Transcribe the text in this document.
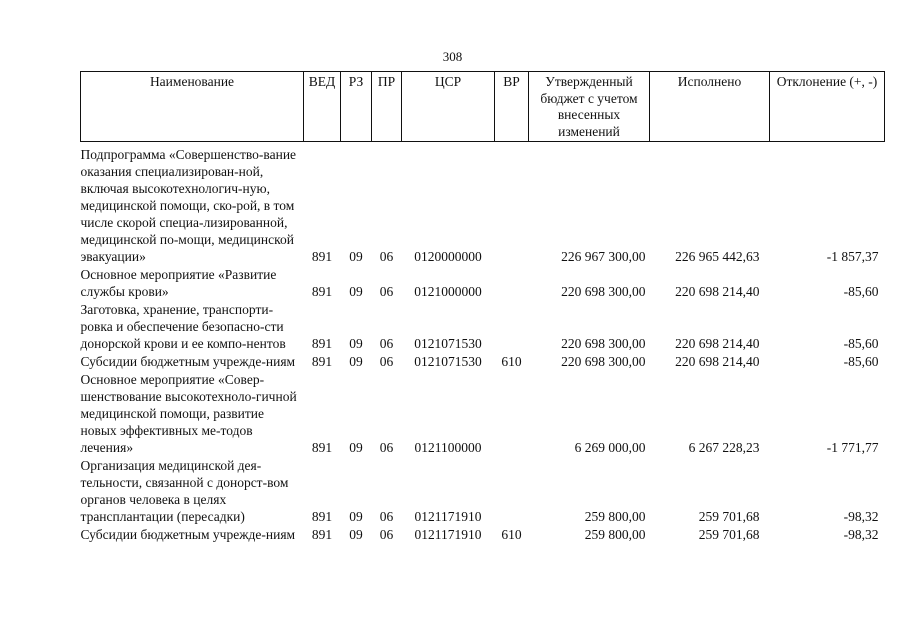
308
Наименование	ВЕД	РЗ	ПР	ЦСР	ВР	Утвержденный бюджет с учетом внесенных изменений	Исполнено	Отклонение (+, -)

Подпрограмма «Совершенство-вание оказания специализирован-ной, включая высокотехнологич-ную, медицинской помощи, ско-рой, в том числе скорой специа-лизированной, медицинской по-мощи, медицинской эвакуации»	891	09	06	0120000000		226 967 300,00	226 965 442,63	-1 857,37
Основное мероприятие «Развитие службы крови»	891	09	06	0121000000		220 698 300,00	220 698 214,40	-85,60
Заготовка, хранение, транспорти-ровка и обеспечение безопасно-сти донорской крови и ее компо-нентов	891	09	06	0121071530		220 698 300,00	220 698 214,40	-85,60
Субсидии бюджетным учрежде-ниям	891	09	06	0121071530	610	220 698 300,00	220 698 214,40	-85,60
Основное мероприятие «Совер-шенствование высокотехноло-гичной медицинской помощи, развитие новых эффективных ме-тодов лечения»	891	09	06	0121100000		6 269 000,00	6 267 228,23	-1 771,77
Организация медицинской дея-тельности, связанной с донорст-вом органов человека в целях трансплантации (пересадки)	891	09	06	0121171910		259 800,00	259 701,68	-98,32
Субсидии бюджетным учрежде-ниям	891	09	06	0121171910	610	259 800,00	259 701,68	-98,32
